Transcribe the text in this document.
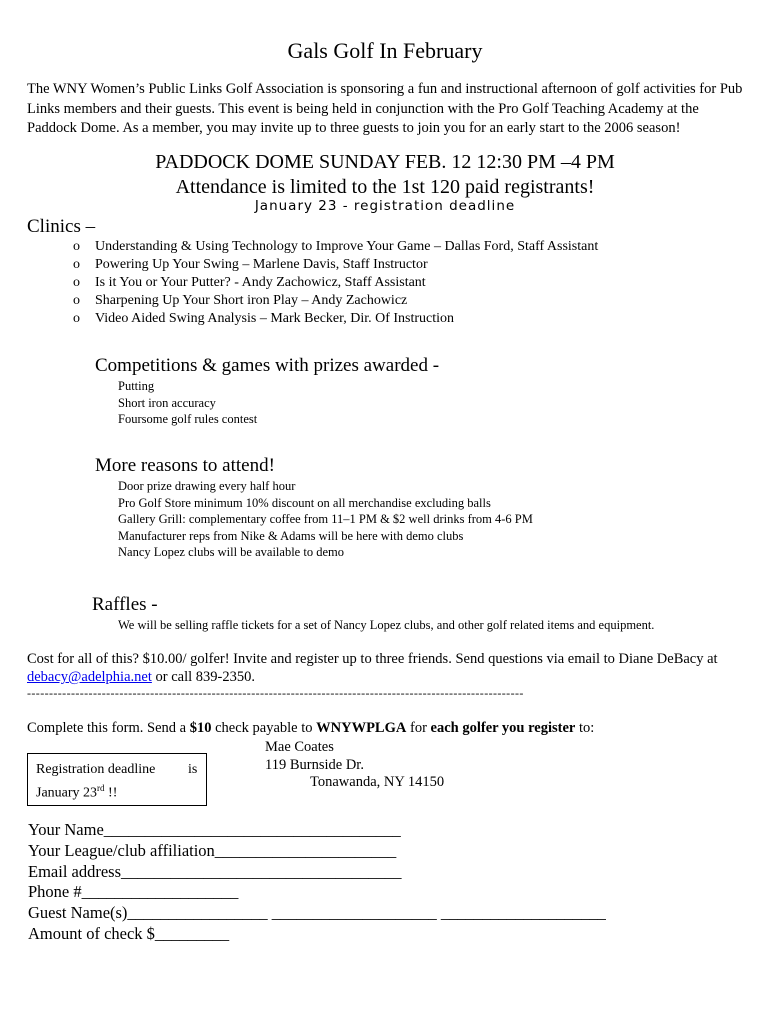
Gals Golf In February
The WNY Women’s Public Links Golf Association is sponsoring a fun and instructional afternoon of golf activities for Pub Links members and their guests. This event is being held in conjunction with the Pro Golf Teaching Academy at the Paddock Dome. As a member, you may invite up to three guests to join you for an early start to the 2006 season!
PADDOCK DOME SUNDAY FEB. 12 12:30 PM –4 PM
Attendance is limited to the 1st 120 paid registrants!
January 23 - registration deadline
Clinics –
o Understanding & Using Technology to Improve Your Game – Dallas Ford, Staff Assistant
o Powering Up Your Swing – Marlene Davis, Staff Instructor
o Is it You or Your Putter? - Andy Zachowicz, Staff Assistant
o Sharpening Up Your Short iron Play – Andy Zachowicz
o Video Aided Swing Analysis – Mark Becker, Dir. Of Instruction
Competitions & games with prizes awarded -
Putting
Short iron accuracy
Foursome golf rules contest
More reasons to attend!
Door prize drawing every half hour
Pro Golf Store minimum 10% discount on all merchandise excluding balls
Gallery Grill: complementary coffee from 11–1 PM & $2 well drinks from 4-6 PM
Manufacturer reps from Nike & Adams will be here with demo clubs
Nancy Lopez clubs will be available to demo
Raffles -
We will be selling raffle tickets for a set of Nancy Lopez clubs, and other golf related items and equipment.
Cost for all of this? $10.00/ golfer! Invite and register up to three friends. Send questions via email to Diane DeBacy at debacy@adelphia.net or call 839-2350.
-----------------------------------------------------------------------------------------------------------------
Complete this form. Send a $10 check payable to WNYWPLGA for each golfer you register to:
Mae Coates
119 Burnside Dr.
Tonawanda, NY 14150
Registration deadline is

January 23rd !!
Your Name____________________________________
Your League/club affiliation______________________
Email address__________________________________
Phone #___________________
Guest Name(s)_________________ ____________________ ____________________
Amount of check $_________
